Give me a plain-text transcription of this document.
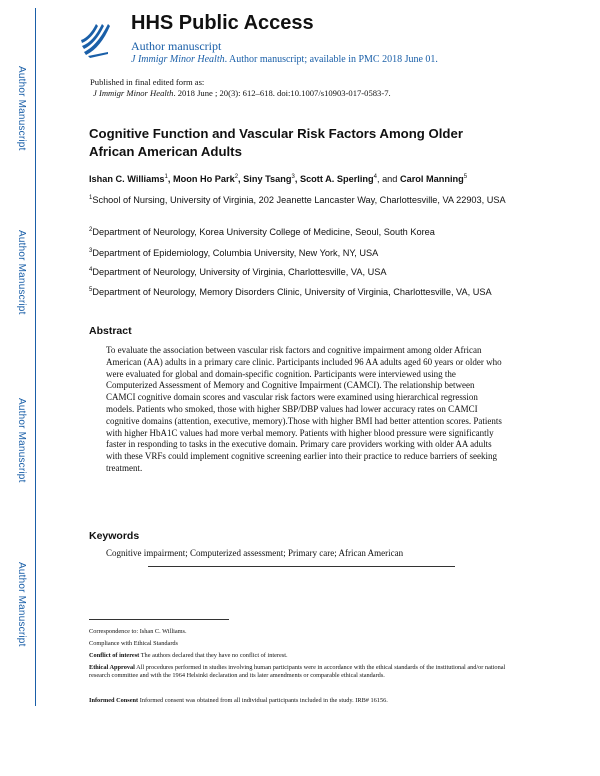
Author Manuscript
Author Manuscript
Author Manuscript
Author Manuscript
HHS Public Access
Author manuscript
J Immigr Minor Health. Author manuscript; available in PMC 2018 June 01.
Published in final edited form as:
J Immigr Minor Health. 2018 June ; 20(3): 612–618. doi:10.1007/s10903-017-0583-7.
Cognitive Function and Vascular Risk Factors Among Older
African American Adults
Ishan C. Williams$^1$, Moon Ho Park$^2$, Siny Tsang$^3$, Scott A. Sperling$^4$, and Carol Manning$^5$
$^1$School of Nursing, University of Virginia, 202 Jeanette Lancaster Way, Charlottesville, VA 22903, USA
$^2$Department of Neurology, Korea University College of Medicine, Seoul, South Korea
$^3$Department of Epidemiology, Columbia University, New York, NY, USA
$^4$Department of Neurology, University of Virginia, Charlottesville, VA, USA
$^5$Department of Neurology, Memory Disorders Clinic, University of Virginia, Charlottesville, VA, USA
Abstract
To evaluate the association between vascular risk factors and cognitive impairment among older African American (AA) adults in a primary care clinic. Participants included 96 AA adults aged 60 years or older who were evaluated for global and domain-specific cognition. Participants were interviewed using the Computerized Assessment of Memory and Cognitive Impairment (CAMCI). The relationship between CAMCI cognitive domain scores and vascular risk factors were examined using hierarchical regression models. Patients who smoked, those with higher SBP/DBP values had lower accuracy rates on CAMCI cognitive domains (attention, executive, memory).Those with higher BMI had better attention scores. Patients with higher HbA1C values had more verbal memory. Patients with higher blood pressure were significantly faster in responding to tasks in the executive domain. Primary care providers working with older AA adults with these VRFs could implement cognitive screening earlier into their practice to reduce barriers of seeking treatment.
Keywords
Cognitive impairment; Computerized assessment; Primary care; African American
Correspondence to: Ishan C. Williams.
Compliance with Ethical Standards
Conflict of interest The authors declared that they have no conflict of interest.
Ethical Approval All procedures performed in studies involving human participants were in accordance with the ethical standards of the institutional and/or national research committee and with the 1964 Helsinki declaration and its later amendments or comparable ethical standards.
Informed Consent Informed consent was obtained from all individual participants included in the study. IRB# 16156.
